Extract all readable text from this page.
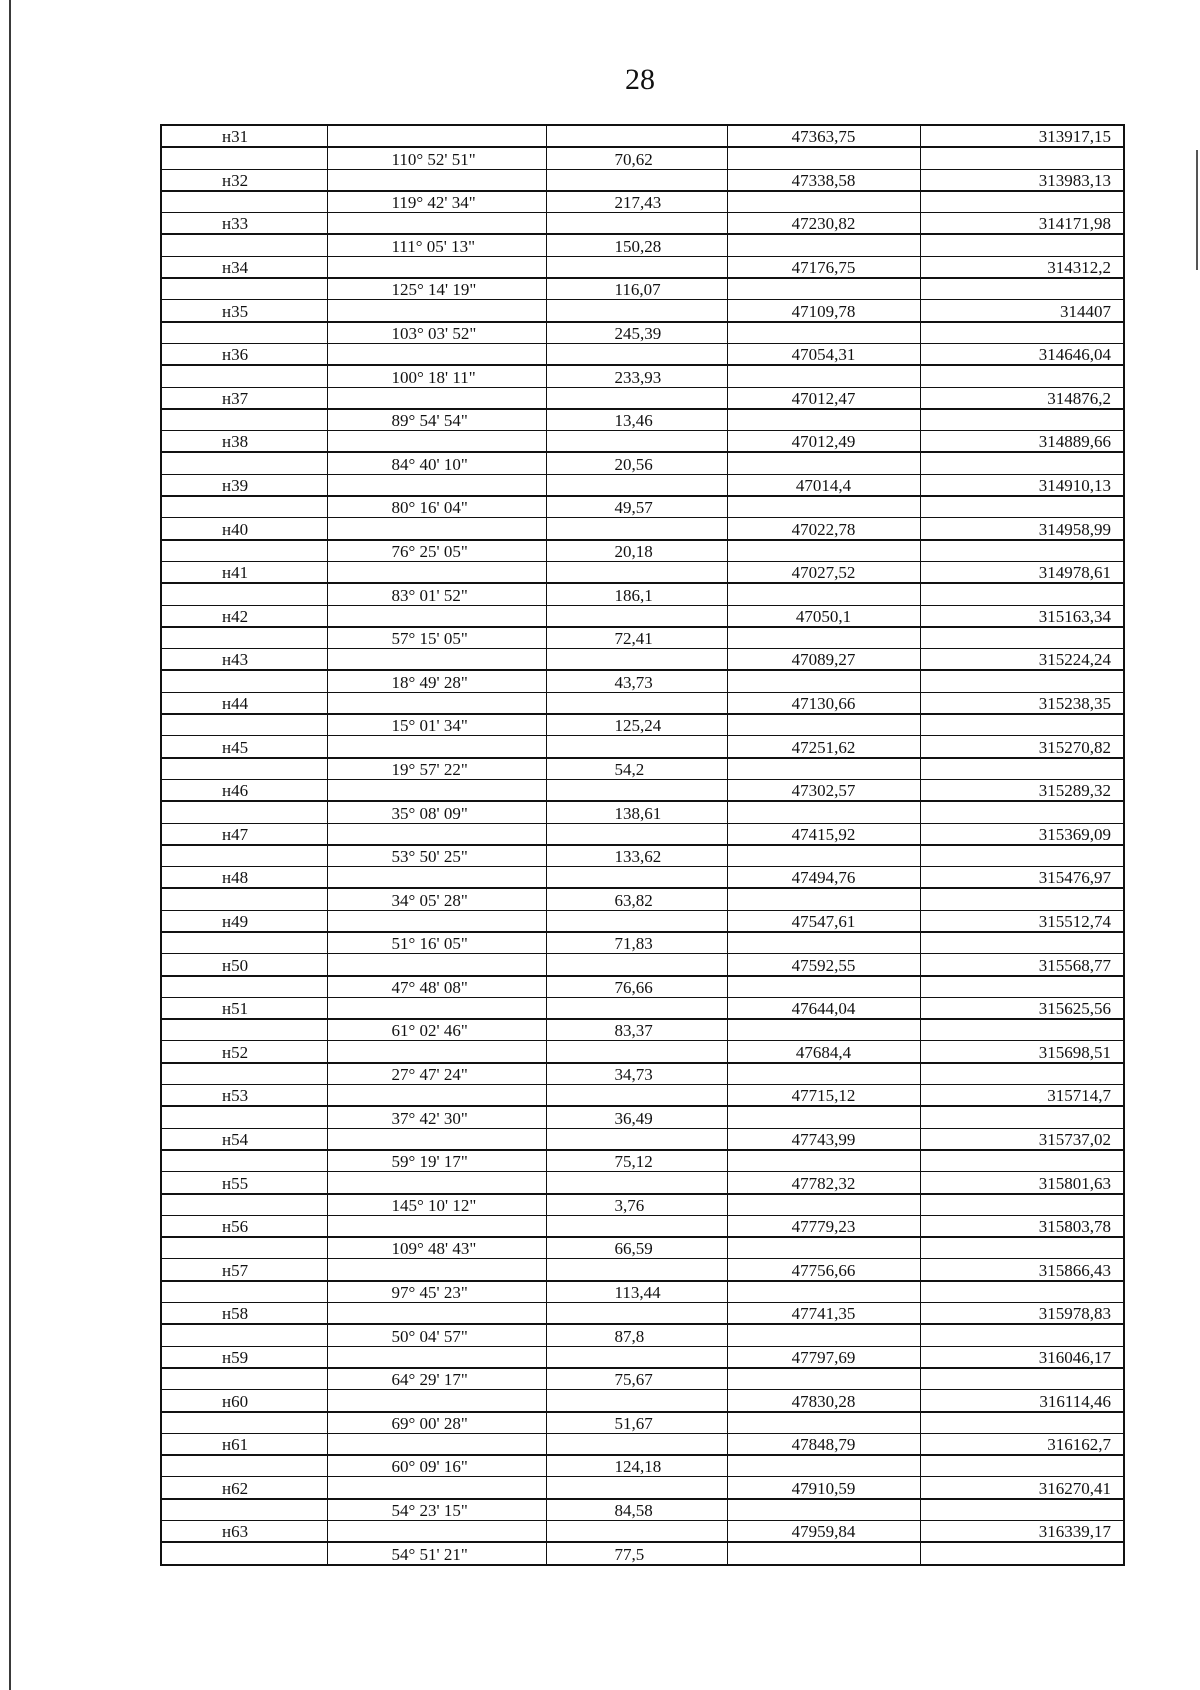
28
н31			47363,75	313917,15
	110° 52' 51"	70,62		
н32			47338,58	313983,13
	119° 42' 34"	217,43		
н33			47230,82	314171,98
	111° 05' 13"	150,28		
н34			47176,75	314312,2
	125° 14' 19"	116,07		
н35			47109,78	314407
	103° 03' 52"	245,39		
н36			47054,31	314646,04
	100° 18' 11"	233,93		
н37			47012,47	314876,2
	89° 54' 54"	13,46		
н38			47012,49	314889,66
	84° 40' 10"	20,56		
н39			47014,4	314910,13
	80° 16' 04"	49,57		
н40			47022,78	314958,99
	76° 25' 05"	20,18		
н41			47027,52	314978,61
	83° 01' 52"	186,1		
н42			47050,1	315163,34
	57° 15' 05"	72,41		
н43			47089,27	315224,24
	18° 49' 28"	43,73		
н44			47130,66	315238,35
	15° 01' 34"	125,24		
н45			47251,62	315270,82
	19° 57' 22"	54,2		
н46			47302,57	315289,32
	35° 08' 09"	138,61		
н47			47415,92	315369,09
	53° 50' 25"	133,62		
н48			47494,76	315476,97
	34° 05' 28"	63,82		
н49			47547,61	315512,74
	51° 16' 05"	71,83		
н50			47592,55	315568,77
	47° 48' 08"	76,66		
н51			47644,04	315625,56
	61° 02' 46"	83,37		
н52			47684,4	315698,51
	27° 47' 24"	34,73		
н53			47715,12	315714,7
	37° 42' 30"	36,49		
н54			47743,99	315737,02
	59° 19' 17"	75,12		
н55			47782,32	315801,63
	145° 10' 12"	3,76		
н56			47779,23	315803,78
	109° 48' 43"	66,59		
н57			47756,66	315866,43
	97° 45' 23"	113,44		
н58			47741,35	315978,83
	50° 04' 57"	87,8		
н59			47797,69	316046,17
	64° 29' 17"	75,67		
н60			47830,28	316114,46
	69° 00' 28"	51,67		
н61			47848,79	316162,7
	60° 09' 16"	124,18		
н62			47910,59	316270,41
	54° 23' 15"	84,58		
н63			47959,84	316339,17
	54° 51' 21"	77,5		
